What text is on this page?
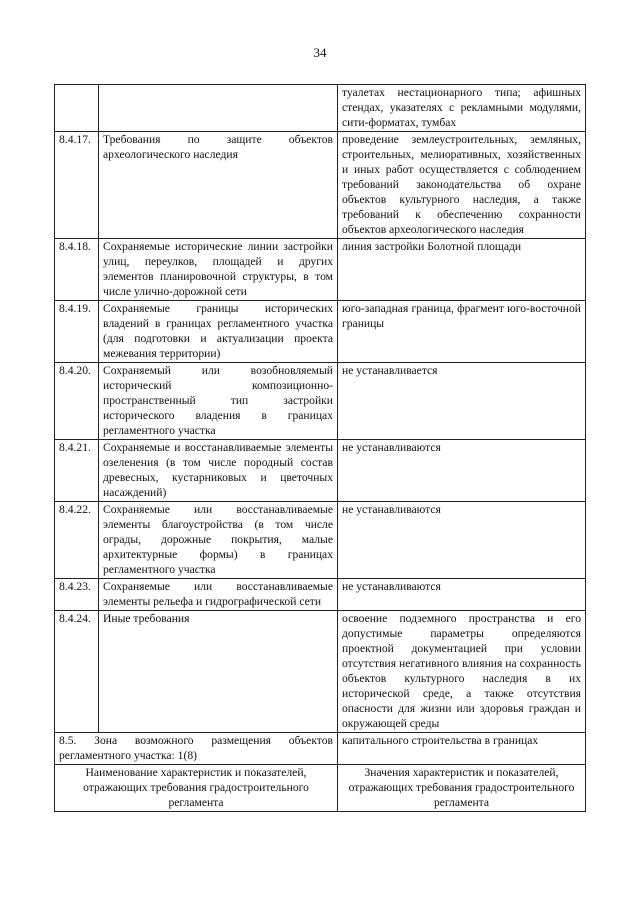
34
		туалетах нестационарного типа; афишных стендах, указателях с рекламными модулями, сити-форматах, тумбах
8.4.17.	Требования по защите объектов археологического наследия	проведение землеустроительных, земляных, строительных, мелиоративных, хозяйственных и иных работ осуществляется с соблюдением требований законодательства об охране объектов культурного наследия, а также требований к обеспечению сохранности объектов археологического наследия
8.4.18.	Сохраняемые исторические линии застройки улиц, переулков, площадей и других элементов планировочной структуры, в том числе улично-дорожной сети	линия застройки Болотной площади
8.4.19.	Сохраняемые границы исторических владений в границах регламентного участка (для подготовки и актуализации проекта межевания территории)	юго-западная граница, фрагмент юго-восточной границы
8.4.20.	Сохраняемый или возобновляемый исторический композиционно-пространственный тип застройки исторического владения в границах регламентного участка	не устанавливается
8.4.21.	Сохраняемые и восстанавливаемые элементы озеленения (в том числе породный состав древесных, кустарниковых и цветочных насаждений)	не устанавливаются
8.4.22.	Сохраняемые или восстанавливаемые элементы благоустройства (в том числе ограды, дорожные покрытия, малые архитектурные формы) в границах регламентного участка	не устанавливаются
8.4.23.	Сохраняемые или восстанавливаемые элементы рельефа и гидрографической сети	не устанавливаются
8.4.24.	Иные требования	освоение подземного пространства и его допустимые параметры определяются проектной документацией при условии отсутствия негативного влияния на сохранность объектов культурного наследия в их исторической среде, а также отсутствия опасности для жизни или здоровья граждан и окружающей среды
8.5. Зона возможного размещения объектов регламентного участка: 1(8)		капитального строительства в границах
Наименование характеристик и показателей, отражающих требования градостроительного регламента		Значения характеристик и показателей, отражающих требования градостроительного регламента
